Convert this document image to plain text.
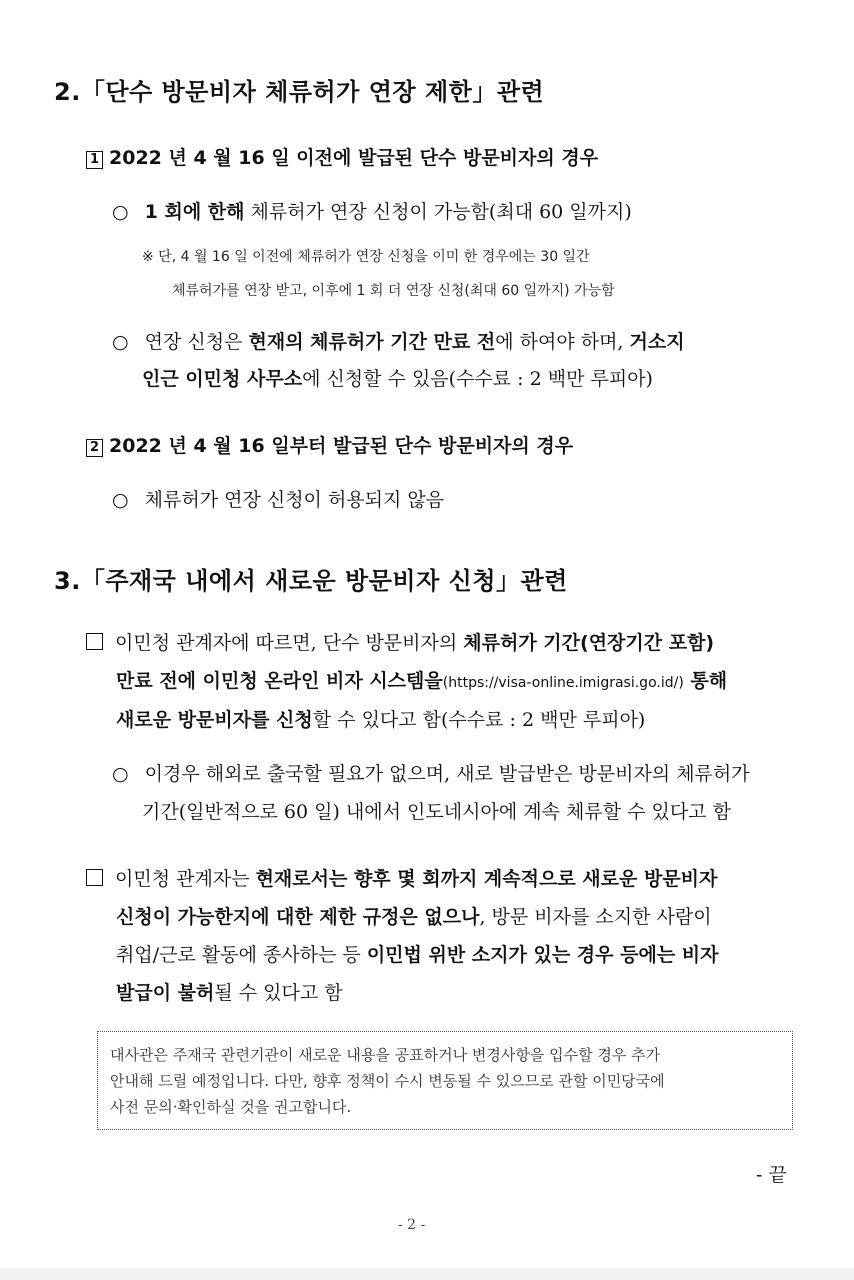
2.「단수 방문비자 체류허가 연장 제한」관련
1 2022 년 4 월 16 일 이전에 발급된 단수 방문비자의 경우
○ 1 회에 한해 체류허가 연장 신청이 가능함(최대 60 일까지)
※ 단, 4 월 16 일 이전에 체류허가 연장 신청을 이미 한 경우에는 30 일간
체류허가를 연장 받고, 이후에 1 회 더 연장 신청(최대 60 일까지) 가능함
○ 연장 신청은 현재의 체류허가 기간 만료 전에 하여야 하며, 거소지
인근 이민청 사무소에 신청할 수 있음(수수료 : 2 백만 루피아)
2 2022 년 4 월 16 일부터 발급된 단수 방문비자의 경우
○ 체류허가 연장 신청이 허용되지 않음
3.「주재국 내에서 새로운 방문비자 신청」관련
이민청 관계자에 따르면, 단수 방문비자의 체류허가 기간(연장기간 포함)
만료 전에 이민청 온라인 비자 시스템을(https://visa-online.imigrasi.go.id/) 통해
새로운 방문비자를 신청할 수 있다고 함(수수료 : 2 백만 루피아)
○ 이경우 해외로 출국할 필요가 없으며, 새로 발급받은 방문비자의 체류허가
기간(일반적으로 60 일) 내에서 인도네시아에 계속 체류할 수 있다고 함
이민청 관계자는 현재로서는 향후 몇 회까지 계속적으로 새로운 방문비자
신청이 가능한지에 대한 제한 규정은 없으나, 방문 비자를 소지한 사람이
취업/근로 활동에 종사하는 등 이민법 위반 소지가 있는 경우 등에는 비자
발급이 불허될 수 있다고 함
대사관은 주재국 관련기관이 새로운 내용을 공표하거나 변경사항을 입수할 경우 추가
안내해 드릴 예정입니다. 다만, 향후 정책이 수시 변동될 수 있으므로 관할 이민당국에
사전 문의·확인하실 것을 권고합니다.
- 끝
- 2 -
